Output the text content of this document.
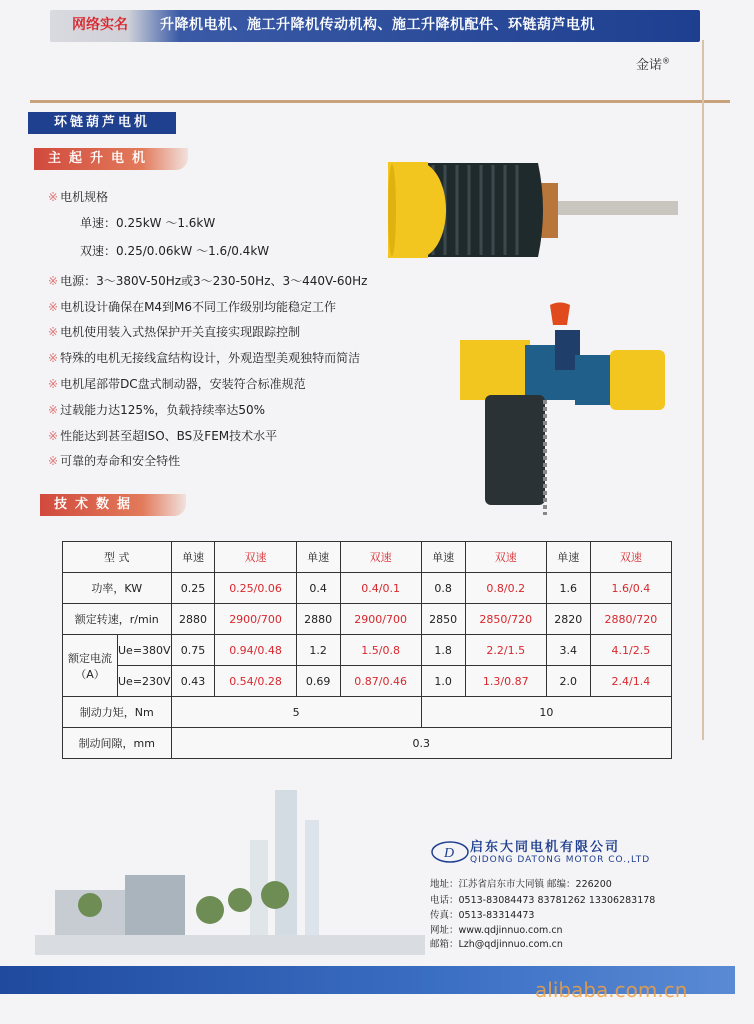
网络实名	升降机电机、施工升降机传动机构、施工升降机配件、环链葫芦电机
金诺®
环链葫芦电机
主起升电机
※ 电机规格
单速：0.25kW ～1.6kW
双速：0.25/0.06kW ～1.6/0.4kW
※ 电源：3～380V-50Hz或3～230-50Hz、3～440V-60Hz
※ 电机设计确保在M4到M6不同工作级别均能稳定工作
※ 电机使用装入式热保护开关直接实现跟踪控制
※ 特殊的电机无接线盒结构设计，外观造型美观独特而简洁
※ 电机尾部带DC盘式制动器，安装符合标准规范
※ 过载能力达125%，负载持续率达50%
※ 性能达到甚至超ISO、BS及FEM技术水平
※ 可靠的寿命和安全特性
技术数据
型 式		单速	双速	单速	双速	单速	双速	单速	双速
功率，KW		0.25	0.25/0.06	0.4	0.4/0.1	0.8	0.8/0.2	1.6	1.6/0.4
额定转速，r/min		2880	2900/700	2880	2900/700	2850	2850/720	2820	2880/720
额定电流
（A）	Ue=380V	0.75	0.94/0.48	1.2	1.5/0.8	1.8	2.2/1.5	3.4	4.1/2.5
	Ue=230V	0.43	0.54/0.28	0.69	0.87/0.46	1.0	1.3/0.87	2.0	2.4/1.4
制动力矩，Nm		5				10			
制动间隙，mm		0.3							
D 启东大同电机有限公司
QIDONG DATONG MOTOR CO.,LTD
地址：江苏省启东市大同镇 邮编：226200
电话：0513-83084473 83781262 13306283178
传真：0513-83314473
网址：www.qdjinnuo.com.cn
邮箱：Lzh@qdjinnuo.com.cn
alibaba.com.cn
